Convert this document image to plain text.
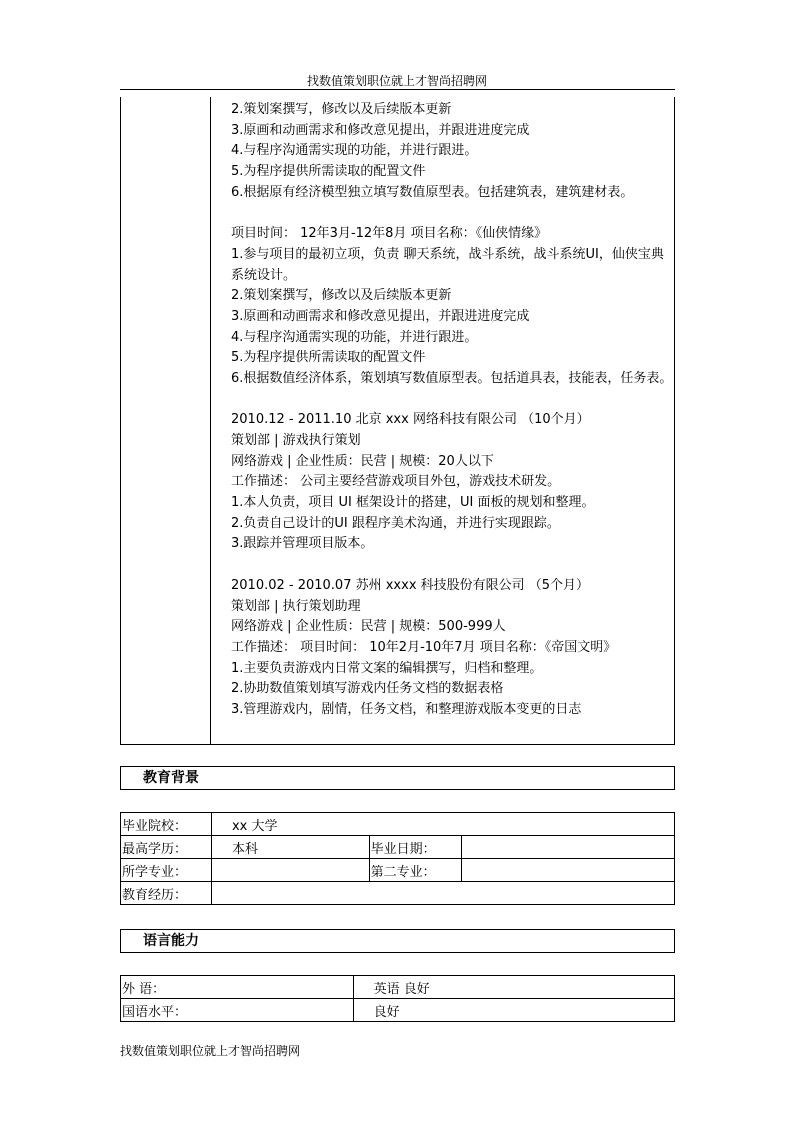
找数值策划职位就上才智尚招聘网
2.策划案撰写，修改以及后续版本更新
3.原画和动画需求和修改意见提出，并跟进进度完成
4.与程序沟通需实现的功能，并进行跟进。
5.为程序提供所需读取的配置文件
6.根据原有经济模型独立填写数值原型表。包括建筑表，建筑建材表。
项目时间： 12年3月-12年8月 项目名称：《仙侠情缘》
1.参与项目的最初立项，负责 聊天系统，战斗系统，战斗系统UI，仙侠宝典系统设计。
2.策划案撰写，修改以及后续版本更新
3.原画和动画需求和修改意见提出，并跟进进度完成
4.与程序沟通需实现的功能，并进行跟进。
5.为程序提供所需读取的配置文件
6.根据数值经济体系，策划填写数值原型表。包括道具表，技能表，任务表。
2010.12 - 2011.10 北京 xxx 网络科技有限公司 （10个月）
策划部 | 游戏执行策划
网络游戏 | 企业性质：民营 | 规模：20人以下
工作描述： 公司主要经营游戏项目外包，游戏技术研发。
1.本人负责，项目 UI 框架设计的搭建，UI 面板的规划和整理。
2.负责自己设计的UI 跟程序美术沟通，并进行实现跟踪。
3.跟踪并管理项目版本。
2010.02 - 2010.07 苏州 xxxx 科技股份有限公司 （5个月）
策划部 | 执行策划助理
网络游戏 | 企业性质：民营 | 规模：500-999人
工作描述： 项目时间： 10年2月-10年7月 项目名称：《帝国文明》
1.主要负责游戏内日常文案的编辑撰写，归档和整理。
2.协助数值策划填写游戏内任务文档的数据表格
3.管理游戏内，剧情，任务文档，和整理游戏版本变更的日志
教育背景
毕业院校：	xx 大学		
最高学历：	本科	毕业日期：	
所学专业：		第二专业：	
教育经历：			
语言能力
外 语：	英语 良好
国语水平：	良好
找数值策划职位就上才智尚招聘网
